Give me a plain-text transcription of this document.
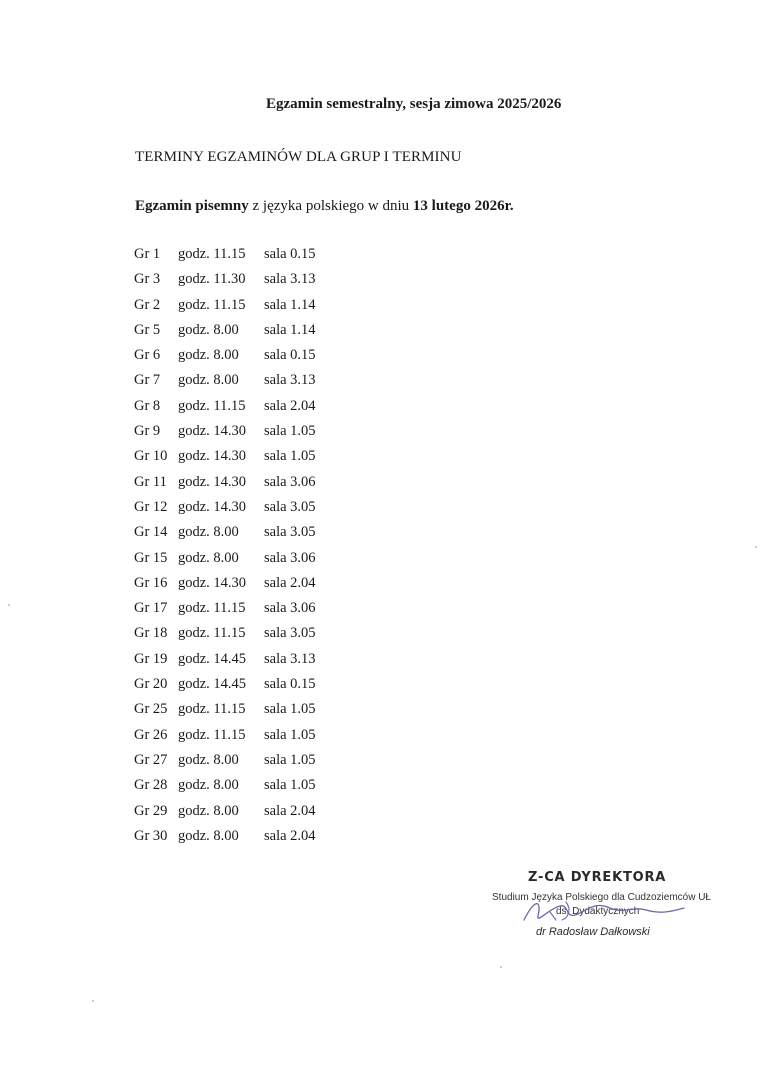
Egzamin semestralny, sesja zimowa 2025/2026
TERMINY EGZAMINÓW DLA GRUP I TERMINU
Egzamin pisemny z języka polskiego w dniu 13 lutego 2026r.
Gr 1 godz. 11.15 sala 0.15
Gr 3 godz. 11.30 sala 3.13
Gr 2 godz. 11.15 sala 1.14
Gr 5 godz. 8.00 sala 1.14
Gr 6 godz. 8.00 sala 0.15
Gr 7 godz. 8.00 sala 3.13
Gr 8 godz. 11.15 sala 2.04
Gr 9 godz. 14.30 sala 1.05
Gr 10 godz. 14.30 sala 1.05
Gr 11 godz. 14.30 sala 3.06
Gr 12 godz. 14.30 sala 3.05
Gr 14 godz. 8.00 sala 3.05
Gr 15 godz. 8.00 sala 3.06
Gr 16 godz. 14.30 sala 2.04
Gr 17 godz. 11.15 sala 3.06
Gr 18 godz. 11.15 sala 3.05
Gr 19 godz. 14.45 sala 3.13
Gr 20 godz. 14.45 sala 0.15
Gr 25 godz. 11.15 sala 1.05
Gr 26 godz. 11.15 sala 1.05
Gr 27 godz. 8.00 sala 1.05
Gr 28 godz. 8.00 sala 1.05
Gr 29 godz. 8.00 sala 2.04
Gr 30 godz. 8.00 sala 2.04
Z-CA DYREKTORA
Studium Języka Polskiego dla Cudzoziemców UŁ
ds. Dydaktycznych
dr Radosław Dałkowski
